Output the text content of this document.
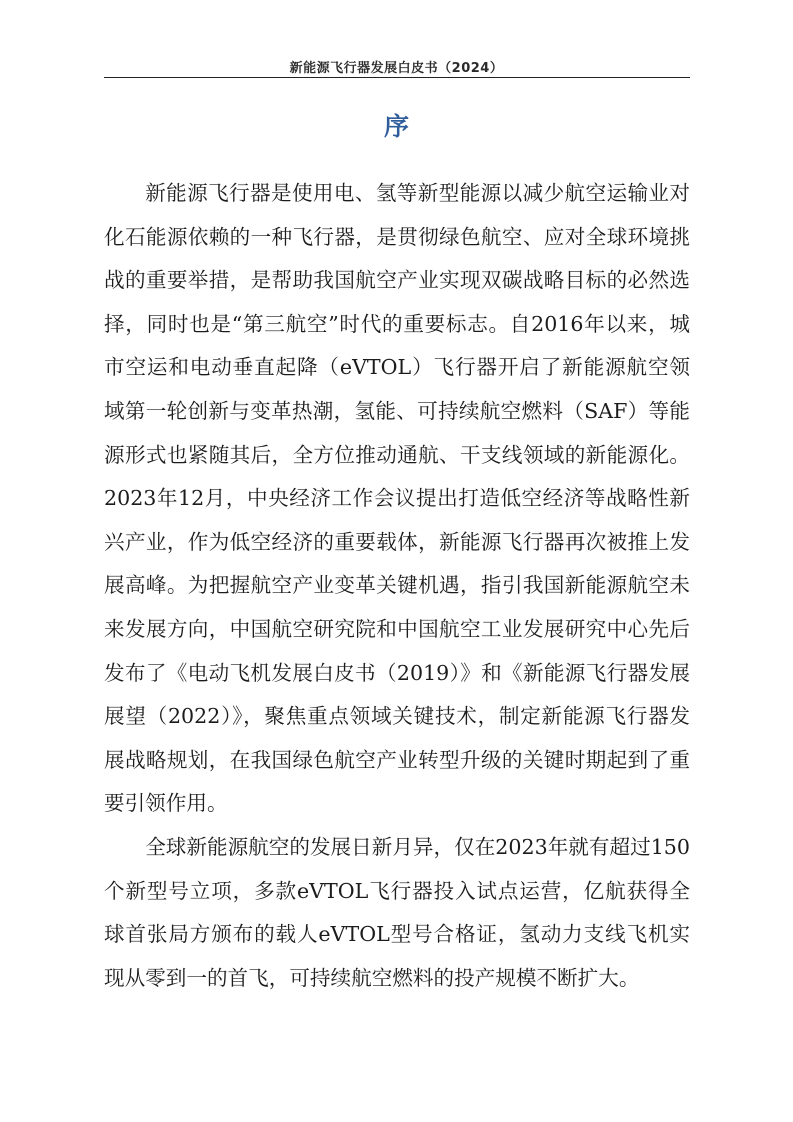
新能源飞行器发展白皮书（2024）
序

新能源飞行器是使用电、氢等新型能源以减少航空运输业对化石能源依赖的一种飞行器，是贯彻绿色航空、应对全球环境挑战的重要举措，是帮助我国航空产业实现双碳战略目标的必然选择，同时也是“第三航空”时代的重要标志。自2016年以来，城市空运和电动垂直起降（eVTOL）飞行器开启了新能源航空领域第一轮创新与变革热潮，氢能、可持续航空燃料（SAF）等能源形式也紧随其后，全方位推动通航、干支线领域的新能源化。2023年12月，中央经济工作会议提出打造低空经济等战略性新兴产业，作为低空经济的重要载体，新能源飞行器再次被推上发展高峰。为把握航空产业变革关键机遇，指引我国新能源航空未来发展方向，中国航空研究院和中国航空工业发展研究中心先后发布了《电动飞机发展白皮书（2019）》和《新能源飞行器发展展望（2022）》，聚焦重点领域关键技术，制定新能源飞行器发展战略规划，在我国绿色航空产业转型升级的关键时期起到了重要引领作用。

全球新能源航空的发展日新月异，仅在2023年就有超过150个新型号立项，多款eVTOL飞行器投入试点运营，亿航获得全球首张局方颁布的载人eVTOL型号合格证，氢动力支线飞机实现从零到一的首飞，可持续航空燃料的投产规模不断扩大。
